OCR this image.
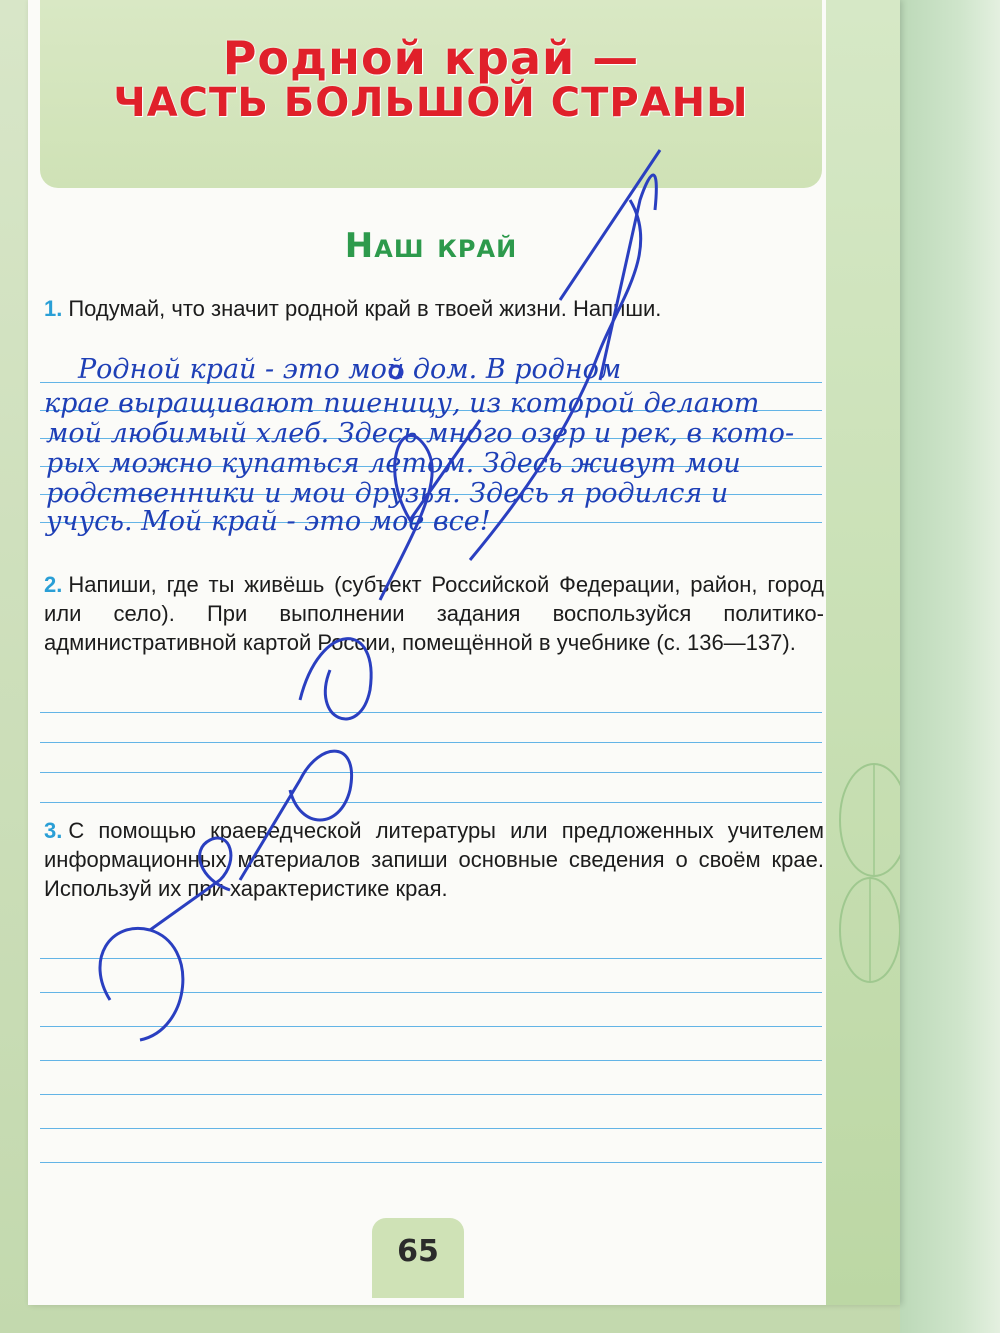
Родной край —
ЧАСТЬ БОЛЬШОЙ СТРАНЫ
Наш край
1. Подумай, что значит родной край в твоей жизни. Напиши.
Родной край - это мой дом. В родном
крае выращивают пшеницу, из которой делают
мой любимый хлеб. Здесь много озер и рек, в кото-
рых можно купаться летом. Здесь живут мои
родственники и мои друзья. Здесь я родился и
учусь. Мой край - это мое все!
2. Напиши, где ты живёшь (субъект Российской Федерации, район, город или село). При выполнении задания воспользуйся политико-административной картой России, помещённой в учебнике (с. 136—137).
3. С помощью краеведческой литературы или предложенных учителем информационных материалов запиши основные сведения о своём крае. Используй их при характеристике края.
65
